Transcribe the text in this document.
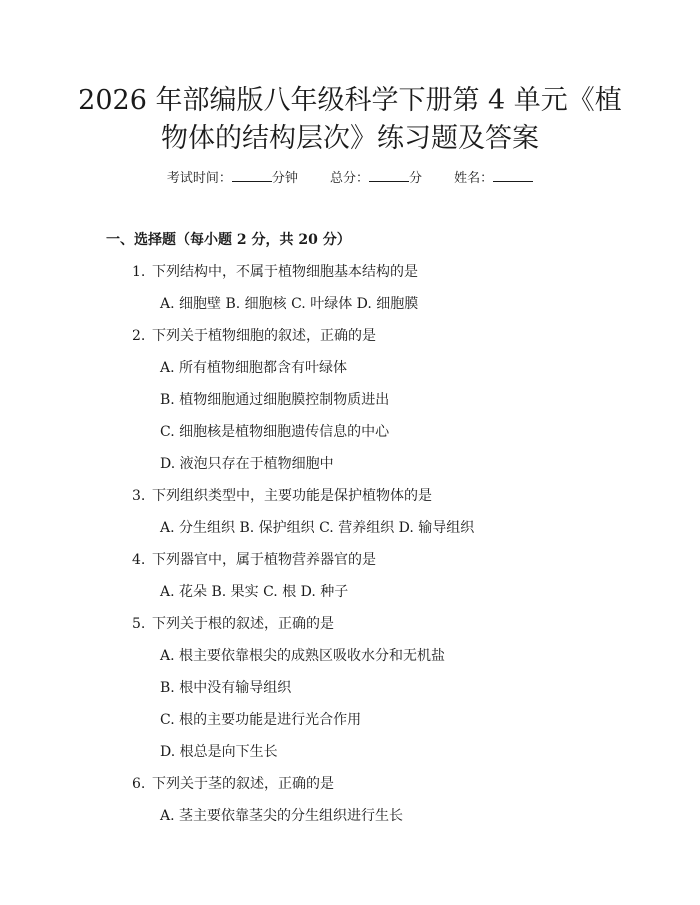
2026 年部编版八年级科学下册第 4 单元《植
物体的结构层次》练习题及答案
考试时间：	分钟 总分：	分 姓名：
一、选择题（每小题 2 分，共 20 分）
1. 下列结构中，不属于植物细胞基本结构的是
A. 细胞壁 B. 细胞核 C. 叶绿体 D. 细胞膜
2. 下列关于植物细胞的叙述，正确的是
A. 所有植物细胞都含有叶绿体
B. 植物细胞通过细胞膜控制物质进出
C. 细胞核是植物细胞遗传信息的中心
D. 液泡只存在于植物细胞中
3. 下列组织类型中，主要功能是保护植物体的是
A. 分生组织 B. 保护组织 C. 营养组织 D. 输导组织
4. 下列器官中，属于植物营养器官的是
A. 花朵 B. 果实 C. 根 D. 种子
5. 下列关于根的叙述，正确的是
A. 根主要依靠根尖的成熟区吸收水分和无机盐
B. 根中没有输导组织
C. 根的主要功能是进行光合作用
D. 根总是向下生长
6. 下列关于茎的叙述，正确的是
A. 茎主要依靠茎尖的分生组织进行生长
